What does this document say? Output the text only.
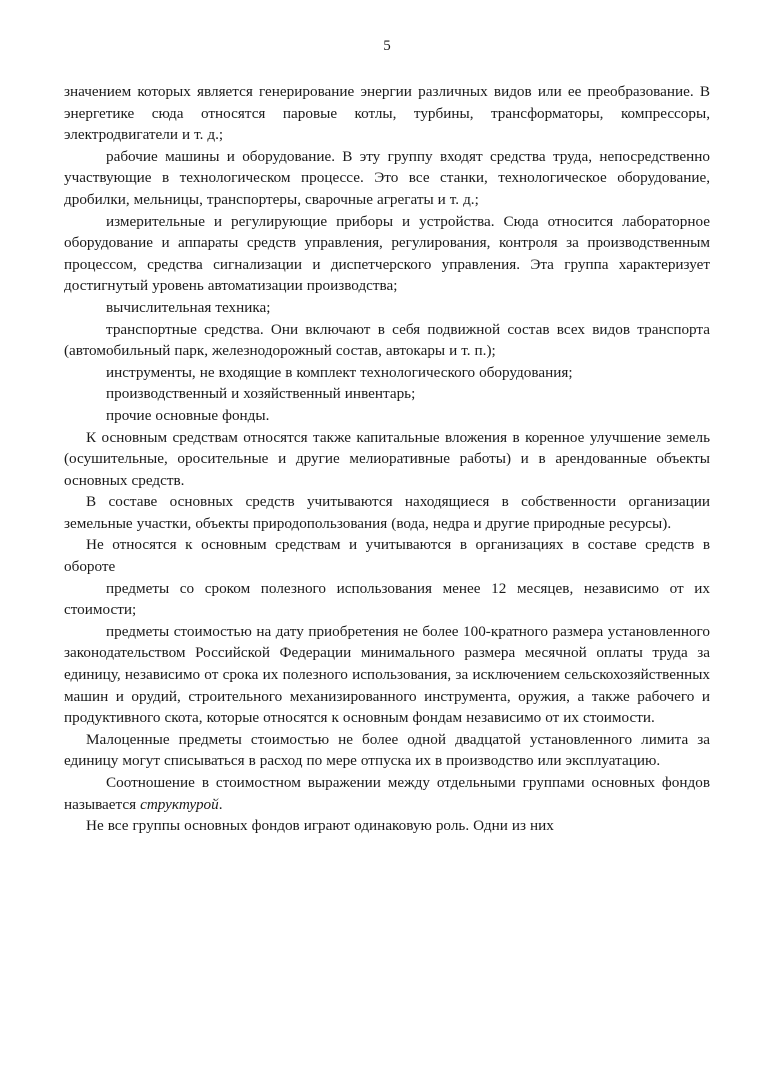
5

значением которых является генерирование энергии различных видов или ее преобразование. В энергетике сюда относятся паровые котлы, турбины, трансформаторы, компрессоры, электродвигатели и т. д.;

рабочие машины и оборудование. В эту группу входят средства труда, непосредственно участвующие в технологическом процессе. Это все станки, технологическое оборудование, дробилки, мельницы, транспортеры, сварочные агрегаты и т. д.;

измерительные и регулирующие приборы и устройства. Сюда относится лабораторное оборудование и аппараты средств управления, регулирования, контроля за производственным процессом, средства сигнализации и диспетчерского управления. Эта группа характеризует достигнутый уровень автоматизации производства;

вычислительная техника;

транспортные средства. Они включают в себя подвижной состав всех видов транспорта (автомобильный парк, железнодорожный состав, автокары и т. п.);

инструменты, не входящие в комплект технологического оборудования;

производственный и хозяйственный инвентарь;

прочие основные фонды.

К основным средствам относятся также капитальные вложения в коренное улучшение земель (осушительные, оросительные и другие мелиоративные работы) и в арендованные объекты основных средств.

В составе основных средств учитываются находящиеся в собственности организации земельные участки, объекты природопользования (вода, недра и другие природные ресурсы).

Не относятся к основным средствам и учитываются в организациях в составе средств в обороте

предметы со сроком полезного использования менее 12 месяцев, независимо от их стоимости;

предметы стоимостью на дату приобретения не более 100-кратного размера установленного законодательством Российской Федерации минимального размера месячной оплаты труда за единицу, независимо от срока их полезного использования, за исключением сельскохозяйственных машин и орудий, строительного механизированного инструмента, оружия, а также рабочего и продуктивного скота, которые относятся к основным фондам независимо от их стоимости.

Малоценные предметы стоимостью не более одной двадцатой установленного лимита за единицу могут списываться в расход по мере отпуска их в производство или эксплуатацию.

Соотношение в стоимостном выражении между отдельными группами основных фондов называется структурой.

Не все группы основных фондов играют одинаковую роль. Одни из них
